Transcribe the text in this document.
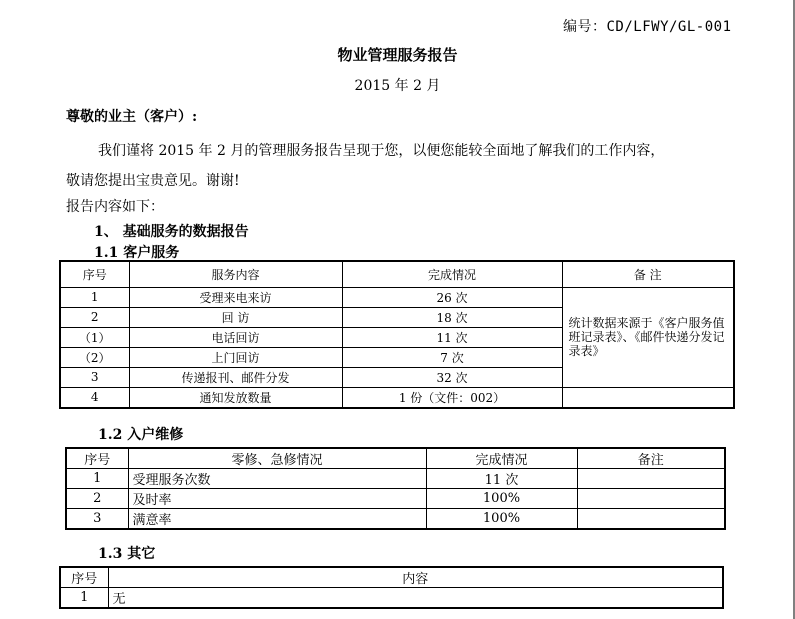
编号：CD/LFWY/GL-001
物业管理服务报告
2015 年 2 月
尊敬的业主（客户）:
我们谨将 2015 年 2 月的管理服务报告呈现于您，以便您能较全面地了解我们的工作内容，
敬请您提出宝贵意见。谢谢!
报告内容如下：
1、 基础服务的数据报告
1.1 客户服务
序号	服务内容	完成情况	备 注
1	受理来电来访	26 次	统计数据来源于《客户服务值班记录表》、《邮件快递分发记录表》
2	回 访	18 次	
（1）	电话回访	11 次	
（2）	上门回访	7 次	
3	传递报刊、邮件分发	32 次	
4	通知发放数量	1 份（文件：002）	
1.2 入户维修
序号	零修、急修情况	完成情况	备注
1	受理服务次数	11 次	
2	及时率	100%	
3	满意率	100%	
1.3 其它
序号	内容
1	无
